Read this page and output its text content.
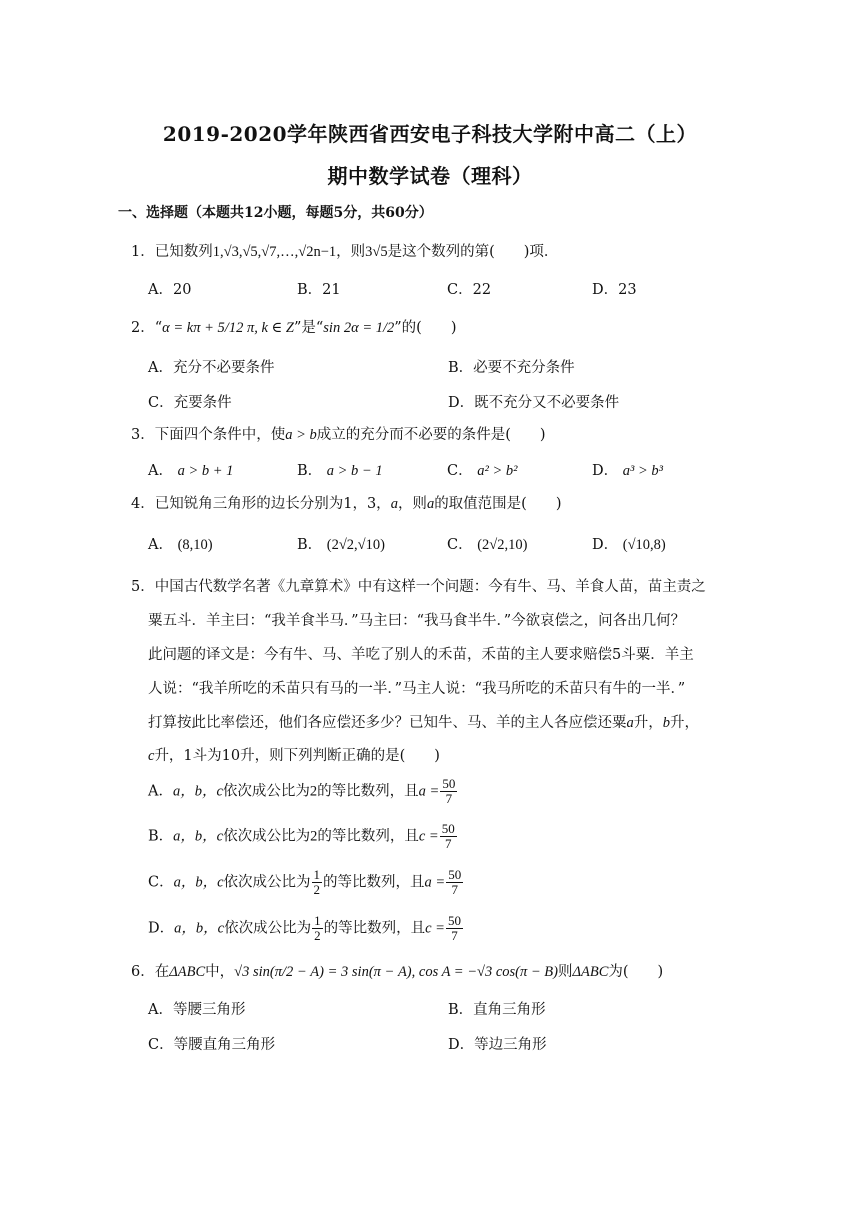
2019-2020学年陕西省西安电子科技大学附中高二（上）
期中数学试卷（理科）
一、选择题（本题共12小题，每题5分，共60分）
1．已知数列1,√3,√5,√7,…,√2n−1，则3√5是这个数列的第(　　)项．
A．20	B．21	C．22	D．23
2．“α = kπ + 5/12 π, k ∈ Z”是“sin 2α = 1/2”的(　　)
A．充分不必要条件	B．必要不充分条件
C．充要条件	D．既不充分又不必要条件
3．下面四个条件中，使a > b成立的充分而不必要的条件是(　　)
A． a > b + 1	B． a > b − 1	C． a² > b²	D． a³ > b³
4．已知锐角三角形的边长分别为1，3，a，则a的取值范围是(　　)
A． (8,10)	B． (2√2,√10)	C． (2√2,10)	D． (√10,8)
5．中国古代数学名著《九章算术》中有这样一个问题：今有牛、马、羊食人苗，苗主责之
粟五斗．羊主曰：“我羊食半马．”马主曰：“我马食半牛．”今欲哀偿之，问各出几何？
此问题的译文是：今有牛、马、羊吃了别人的禾苗，禾苗的主人要求赔偿5斗粟．羊主
人说：“我羊所吃的禾苗只有马的一半．”马主人说：“我马所吃的禾苗只有牛的一半．”
打算按此比率偿还，他们各应偿还多少？已知牛、马、羊的主人各应偿还粟a升，b升，
c升，1斗为10升，则下列判断正确的是(　　)
A．a，b，c依次成公比为2的等比数列，且$a = \frac{50}{7}$
B．a，b，c依次成公比为2的等比数列，且$c = \frac{50}{7}$
C．a，b，c依次成公比为 $\frac{1}{2}$ 的等比数列，且$a = \frac{50}{7}$
D．a，b，c依次成公比为 $\frac{1}{2}$ 的等比数列，且$c = \frac{50}{7}$
6．在ΔABC中，√3 sin(π/2 − A) = 3 sin(π − A), cos A = −√3 cos(π − B)则ΔABC为(　　)
A．等腰三角形	B．直角三角形
C．等腰直角三角形	D．等边三角形
